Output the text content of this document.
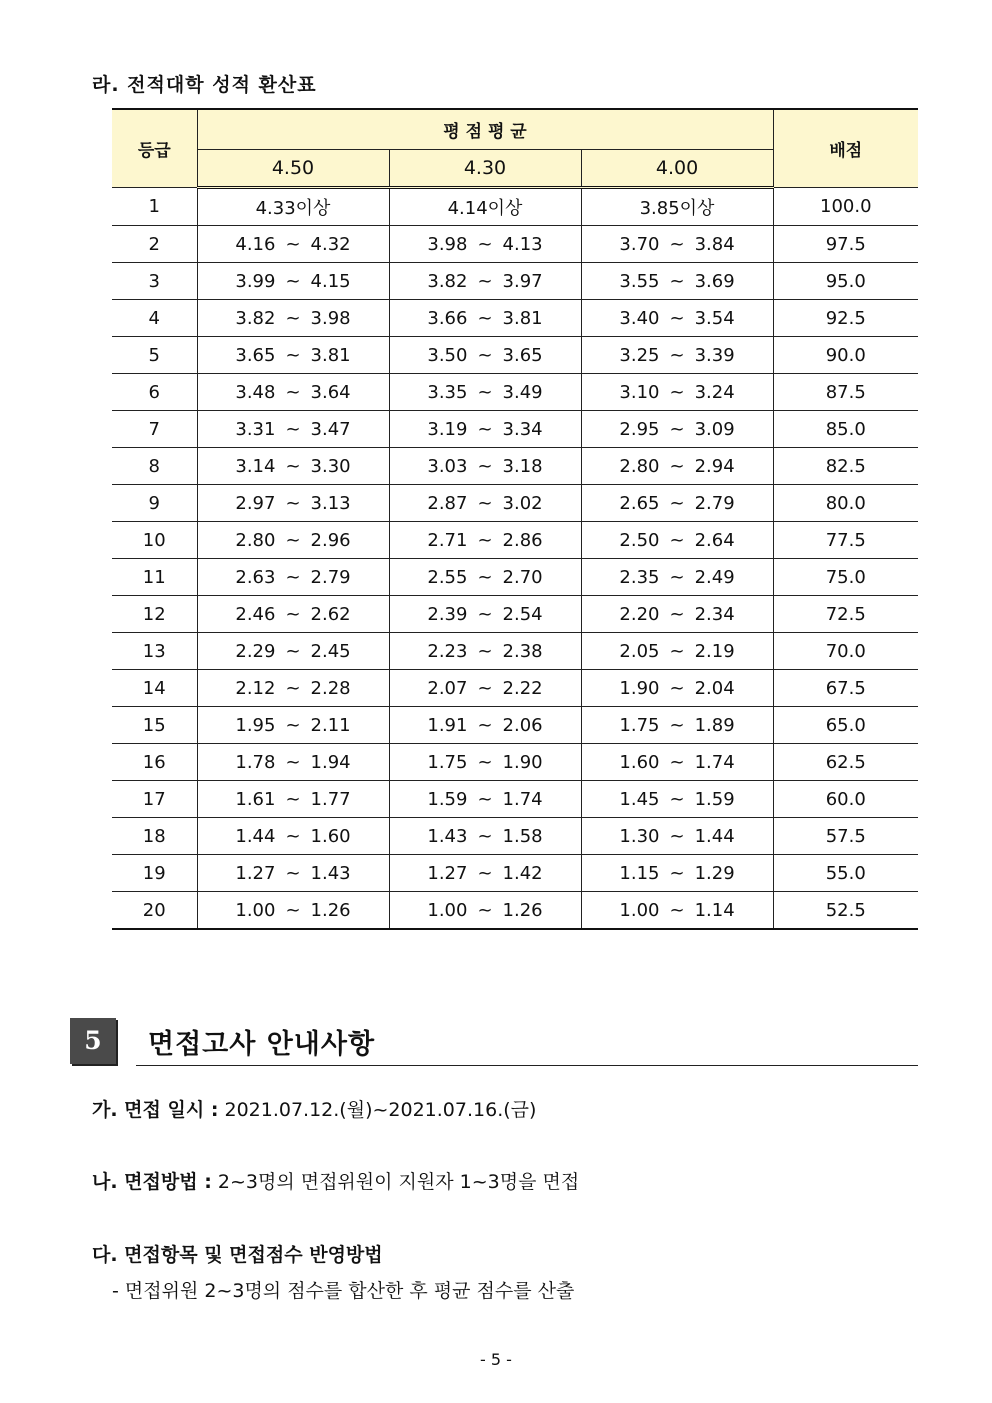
라. 전적대학 성적 환산표
등급	평 점 평 균			배점
	4.50	4.30	4.00	
1	4.33이상	4.14이상	3.85이상	100.0
2	4.16 ~ 4.32	3.98 ~ 4.13	3.70 ~ 3.84	97.5
3	3.99 ~ 4.15	3.82 ~ 3.97	3.55 ~ 3.69	95.0
4	3.82 ~ 3.98	3.66 ~ 3.81	3.40 ~ 3.54	92.5
5	3.65 ~ 3.81	3.50 ~ 3.65	3.25 ~ 3.39	90.0
6	3.48 ~ 3.64	3.35 ~ 3.49	3.10 ~ 3.24	87.5
7	3.31 ~ 3.47	3.19 ~ 3.34	2.95 ~ 3.09	85.0
8	3.14 ~ 3.30	3.03 ~ 3.18	2.80 ~ 2.94	82.5
9	2.97 ~ 3.13	2.87 ~ 3.02	2.65 ~ 2.79	80.0
10	2.80 ~ 2.96	2.71 ~ 2.86	2.50 ~ 2.64	77.5
11	2.63 ~ 2.79	2.55 ~ 2.70	2.35 ~ 2.49	75.0
12	2.46 ~ 2.62	2.39 ~ 2.54	2.20 ~ 2.34	72.5
13	2.29 ~ 2.45	2.23 ~ 2.38	2.05 ~ 2.19	70.0
14	2.12 ~ 2.28	2.07 ~ 2.22	1.90 ~ 2.04	67.5
15	1.95 ~ 2.11	1.91 ~ 2.06	1.75 ~ 1.89	65.0
16	1.78 ~ 1.94	1.75 ~ 1.90	1.60 ~ 1.74	62.5
17	1.61 ~ 1.77	1.59 ~ 1.74	1.45 ~ 1.59	60.0
18	1.44 ~ 1.60	1.43 ~ 1.58	1.30 ~ 1.44	57.5
19	1.27 ~ 1.43	1.27 ~ 1.42	1.15 ~ 1.29	55.0
20	1.00 ~ 1.26	1.00 ~ 1.26	1.00 ~ 1.14	52.5
5	면접고사 안내사항

가. 면접 일시 : 2021.07.12.(월)~2021.07.16.(금)

나. 면접방법 : 2~3명의 면접위원이 지원자 1~3명을 면접

다. 면접항목 및 면접점수 반영방법

- 면접위원 2~3명의 점수를 합산한 후 평균 점수를 산출

- 5 -
